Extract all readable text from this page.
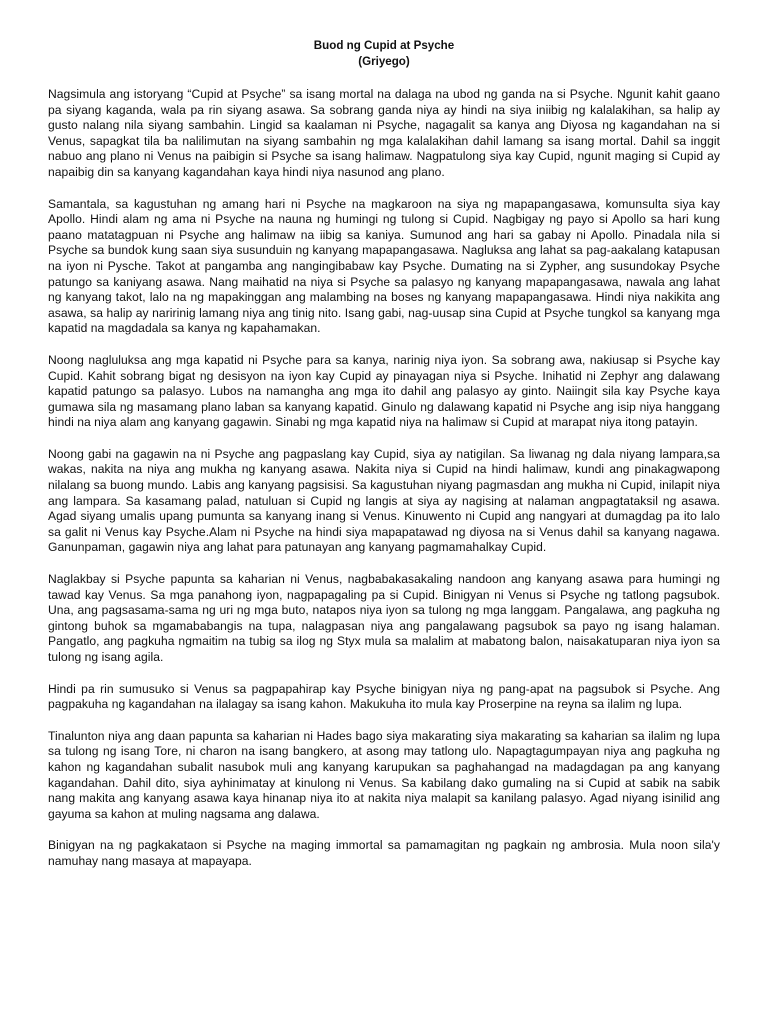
Buod ng Cupid at Psyche
(Griyego)

Nagsimula ang istoryang “Cupid at Psyche” sa isang mortal na dalaga na ubod ng ganda na si Psyche. Ngunit kahit gaano pa siyang kaganda, wala pa rin siyang asawa. Sa sobrang ganda niya ay hindi na siya iniibig ng kalalakihan, sa halip ay gusto nalang nila siyang sambahin. Lingid sa kaalaman ni Psyche, nagagalit sa kanya ang Diyosa ng kagandahan na si Venus, sapagkat tila ba nalilimutan na siyang sambahin ng mga kalalakihan dahil lamang sa isang mortal. Dahil sa inggit nabuo ang plano ni Venus na paibigin si Psyche sa isang halimaw. Nagpatulong siya kay Cupid, ngunit maging si Cupid ay napaibig din sa kanyang kagandahan kaya hindi niya nasunod ang plano.

Samantala, sa kagustuhan ng amang hari ni Psyche na magkaroon na siya ng mapapangasawa, komunsulta siya kay Apollo. Hindi alam ng ama ni Psyche na nauna ng humingi ng tulong si Cupid. Nagbigay ng payo si Apollo sa hari kung paano matatagpuan ni Psyche ang halimaw na iibig sa kaniya. Sumunod ang hari sa gabay ni Apollo. Pinadala nila si Psyche sa bundok kung saan siya susunduin ng kanyang mapapangasawa. Nagluksa ang lahat sa pag-aakalang katapusan na iyon ni Pysche. Takot at pangamba ang nangingibabaw kay Psyche. Dumating na si Zypher, ang susundokay Psyche patungo sa kaniyang asawa. Nang maihatid na niya si Psyche sa palasyo ng kanyang mapapangasawa, nawala ang lahat ng kanyang takot, lalo na ng mapakinggan ang malambing na boses ng kanyang mapapangasawa. Hindi niya nakikita ang asawa, sa halip ay naririnig lamang niya ang tinig nito. Isang gabi, nag-uusap sina Cupid at Psyche tungkol sa kanyang mga kapatid na magdadala sa kanya ng kapahamakan.

Noong nagluluksa ang mga kapatid ni Psyche para sa kanya, narinig niya iyon. Sa sobrang awa, nakiusap si Psyche kay Cupid. Kahit sobrang bigat ng desisyon na iyon kay Cupid ay pinayagan niya si Psyche. Inihatid ni Zephyr ang dalawang kapatid patungo sa palasyo. Lubos na namangha ang mga ito dahil ang palasyo ay ginto. Naiingit sila kay Psyche kaya gumawa sila ng masamang plano laban sa kanyang kapatid. Ginulo ng dalawang kapatid ni Psyche ang isip niya hanggang hindi na niya alam ang kanyang gagawin. Sinabi ng mga kapatid niya na halimaw si Cupid at marapat niya itong patayin.

Noong gabi na gagawin na ni Psyche ang pagpaslang kay Cupid, siya ay natigilan. Sa liwanag ng dala niyang lampara,sa wakas, nakita na niya ang mukha ng kanyang asawa. Nakita niya si Cupid na hindi halimaw, kundi ang pinakagwapong nilalang sa buong mundo. Labis ang kanyang pagsisisi. Sa kagustuhan niyang pagmasdan ang mukha ni Cupid, inilapit niya ang lampara. Sa kasamang palad, natuluan si Cupid ng langis at siya ay nagising at nalaman angpagtataksil ng asawa. Agad siyang umalis upang pumunta sa kanyang inang si Venus. Kinuwento ni Cupid ang nangyari at dumagdag pa ito lalo sa galit ni Venus kay Psyche.Alam ni Psyche na hindi siya mapapatawad ng diyosa na si Venus dahil sa kanyang nagawa. Ganunpaman, gagawin niya ang lahat para patunayan ang kanyang pagmamahalkay Cupid.

Naglakbay si Psyche papunta sa kaharian ni Venus, nagbabakasakaling nandoon ang kanyang asawa para humingi ng tawad kay Venus. Sa mga panahong iyon, nagpapagaling pa si Cupid. Binigyan ni Venus si Psyche ng tatlong pagsubok. Una, ang pagsasama-sama ng uri ng mga buto, natapos niya iyon sa tulong ng mga langgam. Pangalawa, ang pagkuha ng gintong buhok sa mgamababangis na tupa, nalagpasan niya ang pangalawang pagsubok sa payo ng isang halaman. Pangatlo, ang pagkuha ngmaitim na tubig sa ilog ng Styx mula sa malalim at mabatong balon, naisakatuparan niya iyon sa tulong ng isang agila.

Hindi pa rin sumusuko si Venus sa pagpapahirap kay Psyche binigyan niya ng pang-apat na pagsubok si Psyche. Ang pagpakuha ng kagandahan na ilalagay sa isang kahon. Makukuha ito mula kay Proserpine na reyna sa ilalim ng lupa.

Tinalunton niya ang daan papunta sa kaharian ni Hades bago siya makarating siya makarating sa kaharian sa ilalim ng lupa sa tulong ng isang Tore, ni charon na isang bangkero, at asong may tatlong ulo. Napagtagumpayan niya ang pagkuha ng kahon ng kagandahan subalit nasubok muli ang kanyang karupukan sa paghahangad na madagdagan pa ang kanyang kagandahan. Dahil dito, siya ayhinimatay at kinulong ni Venus. Sa kabilang dako gumaling na si Cupid at sabik na sabik nang makita ang kanyang asawa kaya hinanap niya ito at nakita niya malapit sa kanilang palasyo. Agad niyang isinilid ang gayuma sa kahon at muling nagsama ang dalawa.

Binigyan na ng pagkakataon si Psyche na maging immortal sa pamamagitan ng pagkain ng ambrosia. Mula noon sila'y namuhay nang masaya at mapayapa.
